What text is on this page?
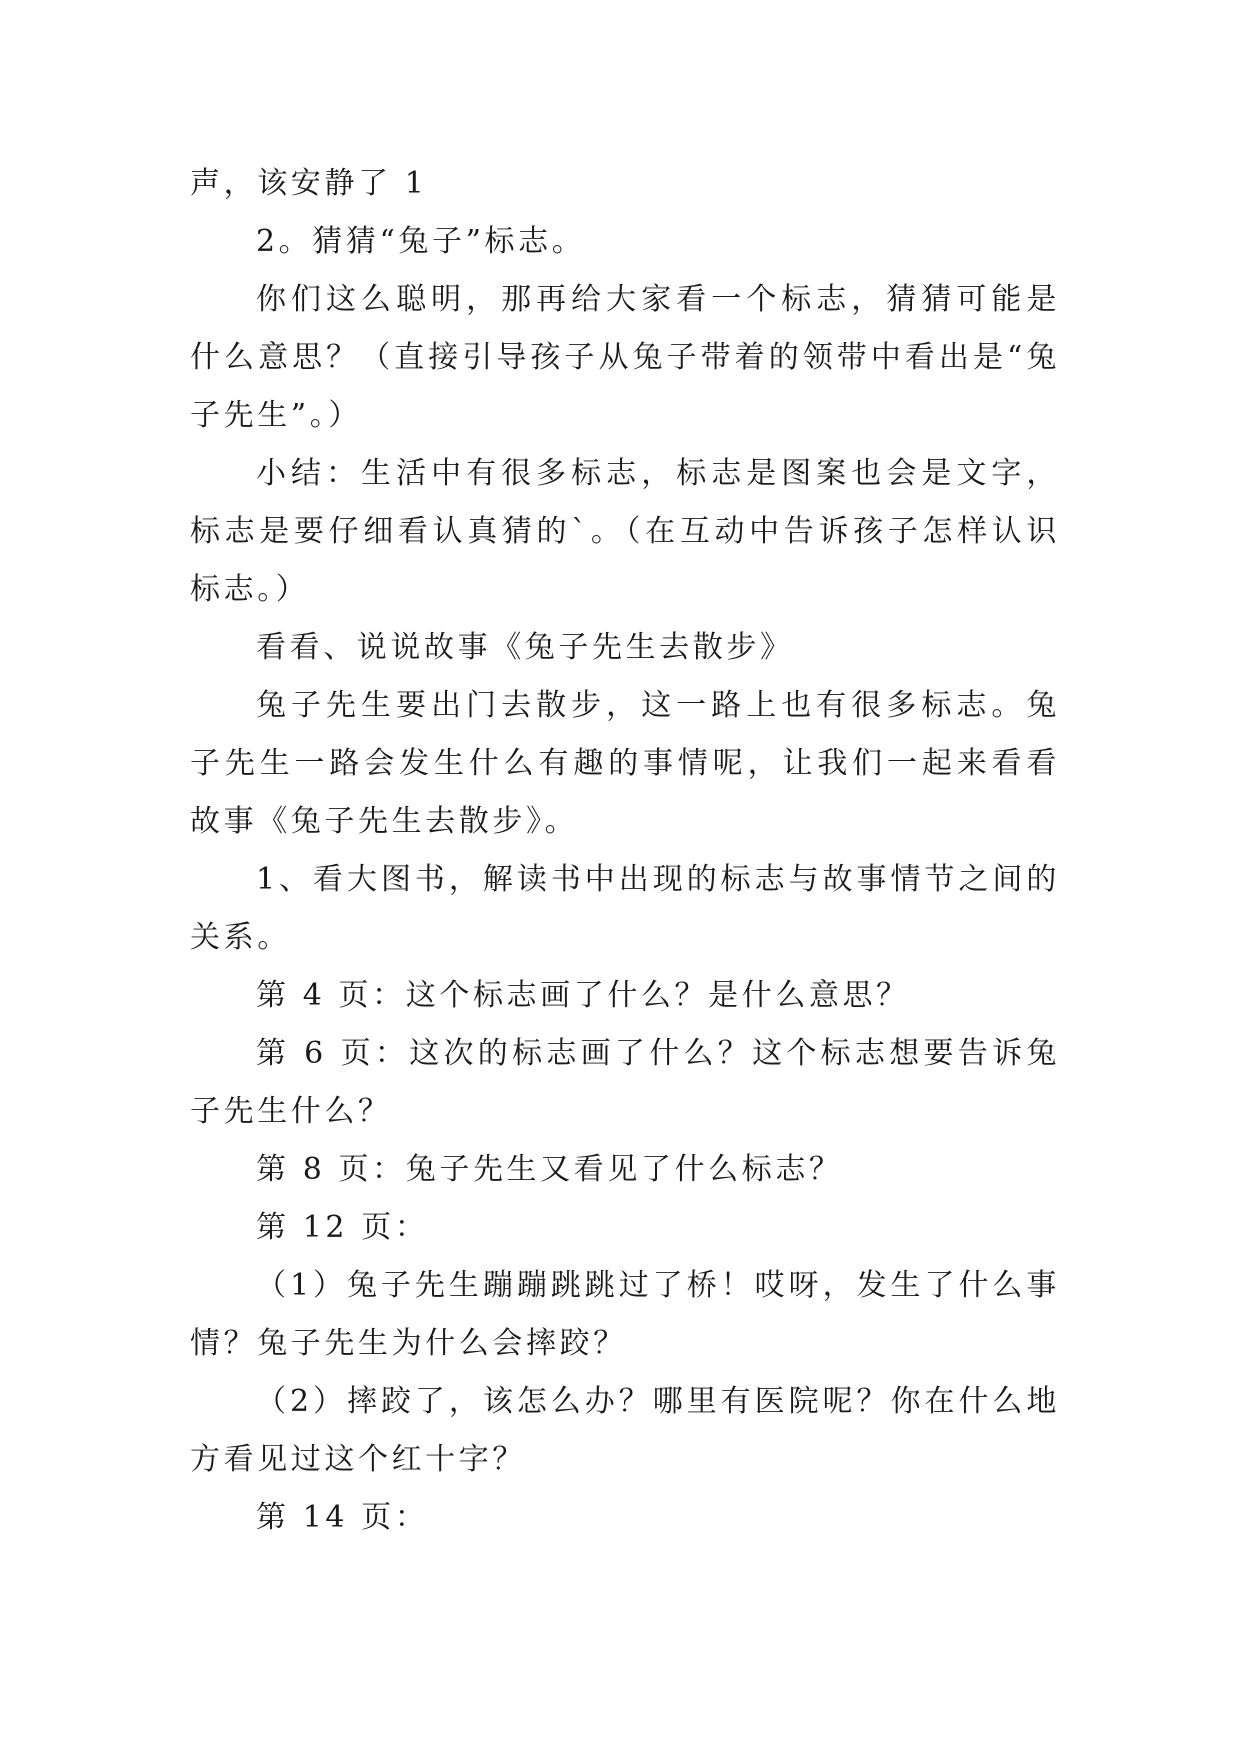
声，该安静了 1

2。猜猜“兔子”标志。

你们这么聪明，那再给大家看一个标志，猜猜可能是什么意思？（直接引导孩子从兔子带着的领带中看出是“兔子先生”。）

小结：生活中有很多标志，标志是图案也会是文字，标志是要仔细看认真猜的`。（在互动中告诉孩子怎样认识标志。）

看看、说说故事《兔子先生去散步》

兔子先生要出门去散步，这一路上也有很多标志。兔子先生一路会发生什么有趣的事情呢，让我们一起来看看故事《兔子先生去散步》。

1、看大图书，解读书中出现的标志与故事情节之间的关系。

第 4 页：这个标志画了什么？是什么意思？

第 6 页：这次的标志画了什么？这个标志想要告诉兔子先生什么？

第 8 页：兔子先生又看见了什么标志？

第 12 页：

（1）兔子先生蹦蹦跳跳过了桥！哎呀，发生了什么事情？兔子先生为什么会摔跤？

（2）摔跤了，该怎么办？哪里有医院呢？你在什么地方看见过这个红十字？

第 14 页：
